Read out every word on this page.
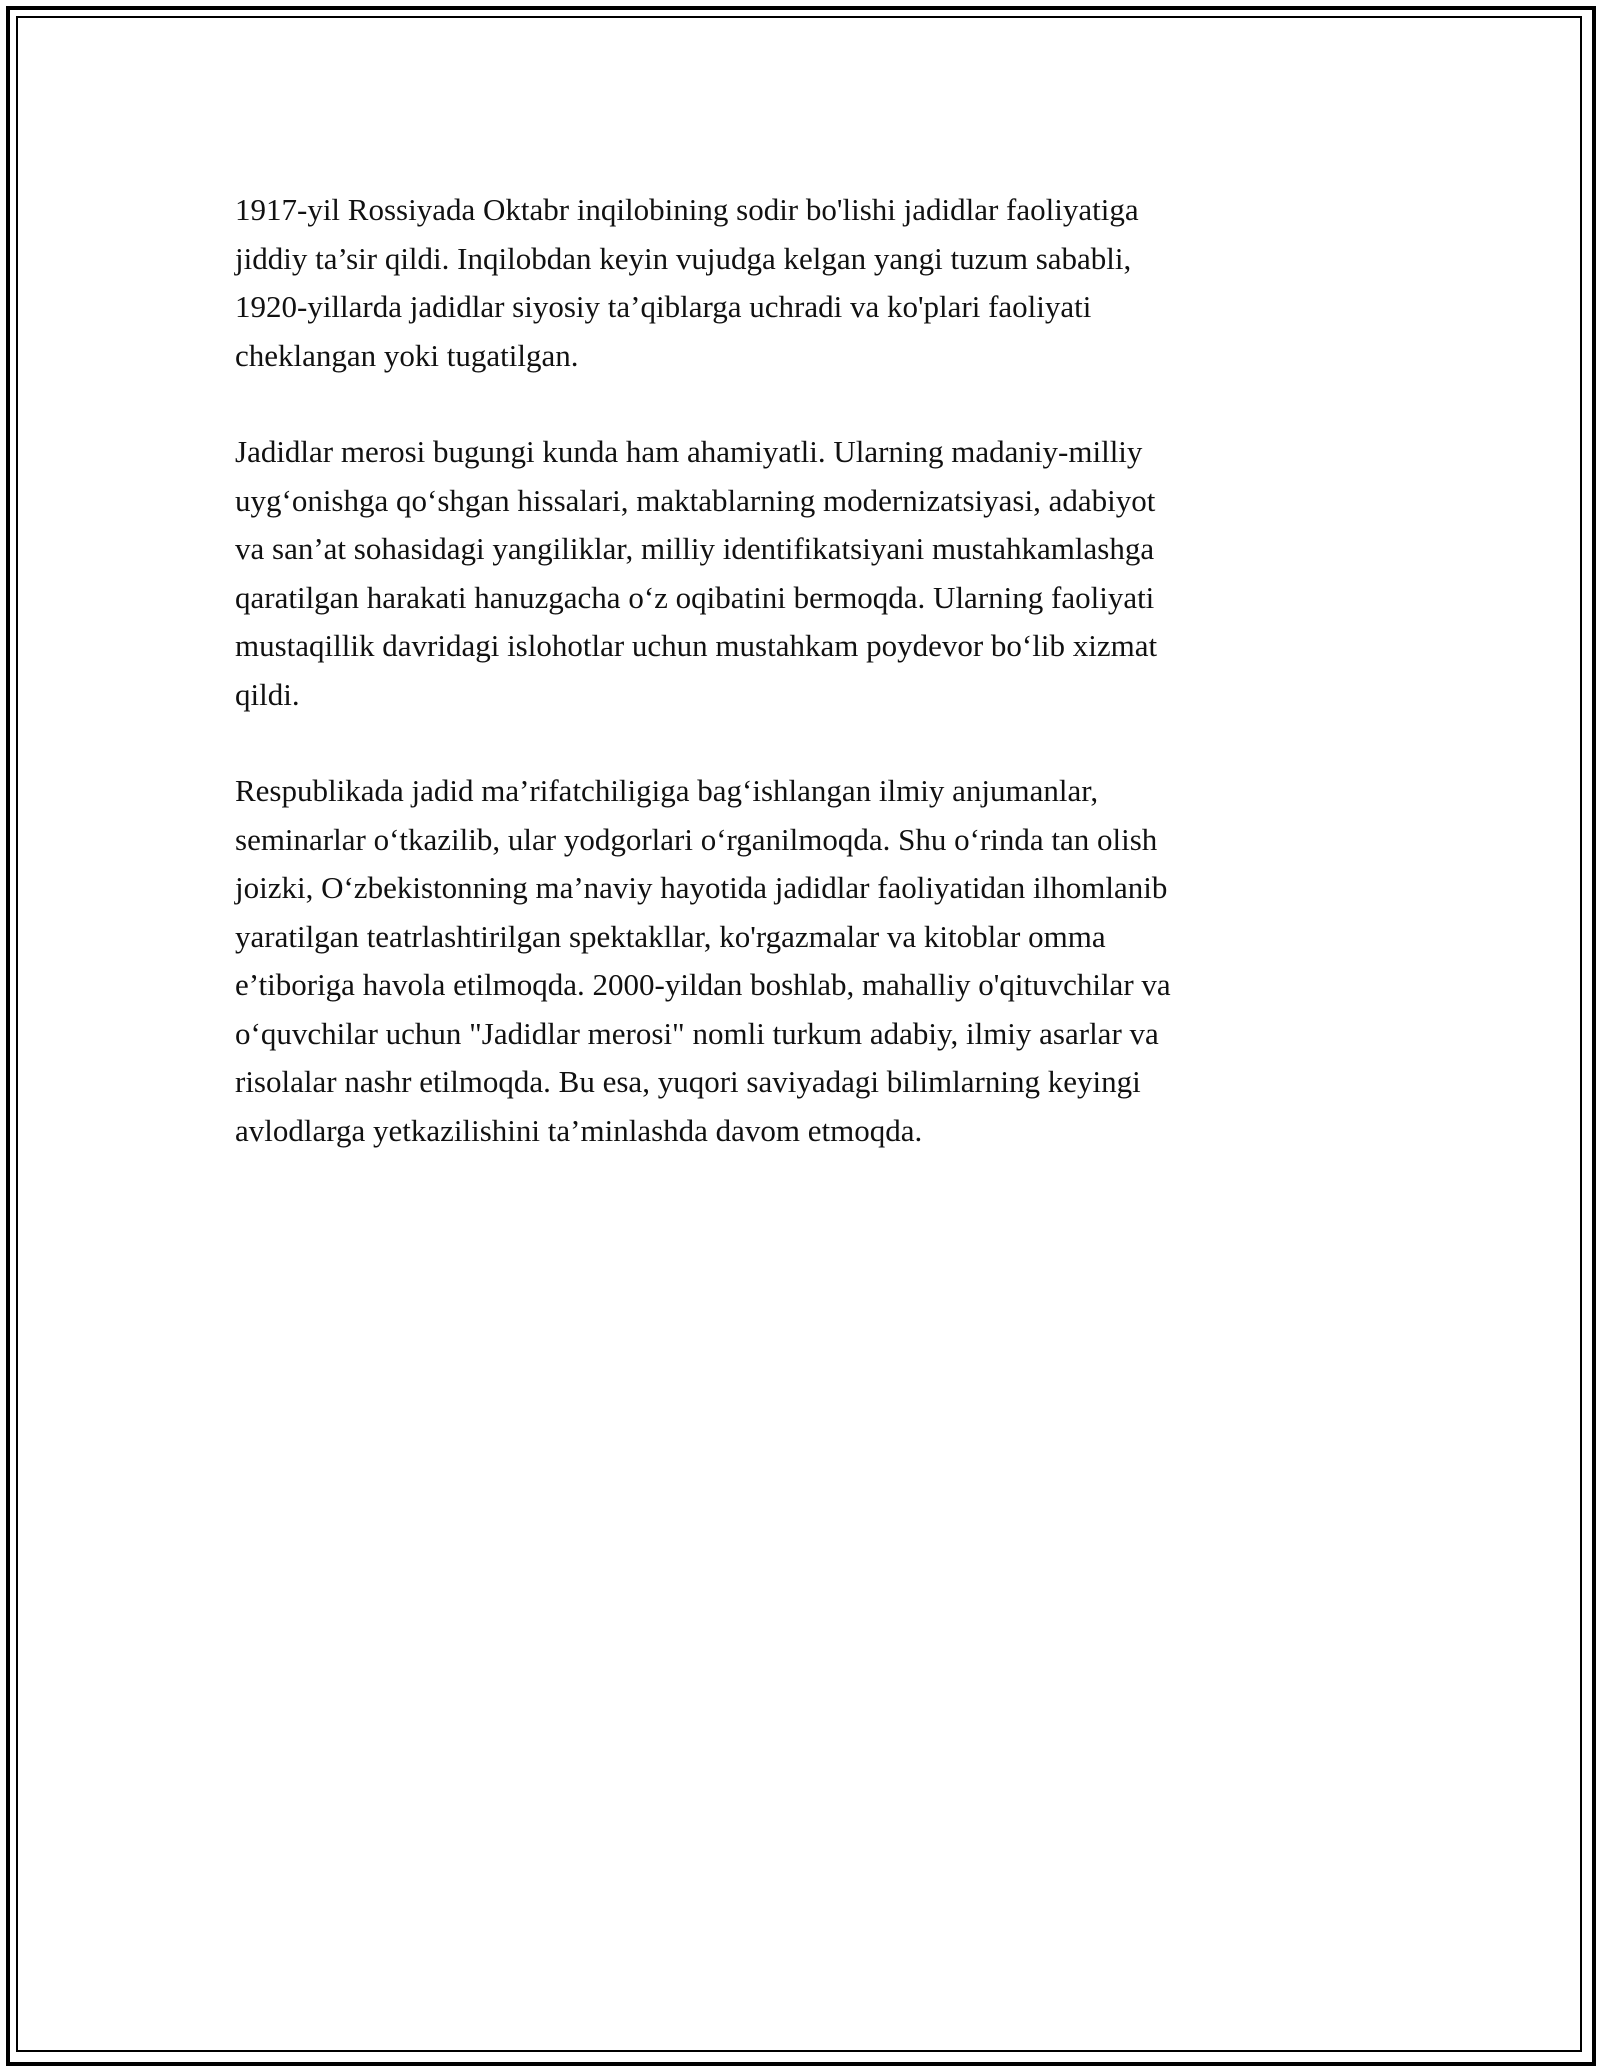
1917-yil Rossiyada Oktabr inqilobining sodir bo'lishi jadidlar faoliyatiga
jiddiy ta’sir qildi. Inqilobdan keyin vujudga kelgan yangi tuzum sababli,
1920-yillarda jadidlar siyosiy ta’qiblarga uchradi va ko'plari faoliyati
cheklangan yoki tugatilgan.

Jadidlar merosi bugungi kunda ham ahamiyatli. Ularning madaniy-milliy
uyg‘onishga qo‘shgan hissalari, maktablarning modernizatsiyasi, adabiyot
va san’at sohasidagi yangiliklar, milliy identifikatsiyani mustahkamlashga
qaratilgan harakati hanuzgacha o‘z oqibatini bermoqda. Ularning faoliyati
mustaqillik davridagi islohotlar uchun mustahkam poydevor bo‘lib xizmat
qildi.

Respublikada jadid ma’rifatchiligiga bag‘ishlangan ilmiy anjumanlar,
seminarlar o‘tkazilib, ular yodgorlari o‘rganilmoqda. Shu o‘rinda tan olish
joizki, O‘zbekistonning ma’naviy hayotida jadidlar faoliyatidan ilhomlanib
yaratilgan teatrlashtirilgan spektakllar, ko'rgazmalar va kitoblar omma
e’tiboriga havola etilmoqda. 2000-yildan boshlab, mahalliy o'qituvchilar va
o‘quvchilar uchun "Jadidlar merosi" nomli turkum adabiy, ilmiy asarlar va
risolalar nashr etilmoqda. Bu esa, yuqori saviyadagi bilimlarning keyingi
avlodlarga yetkazilishini ta’minlashda davom etmoqda.
